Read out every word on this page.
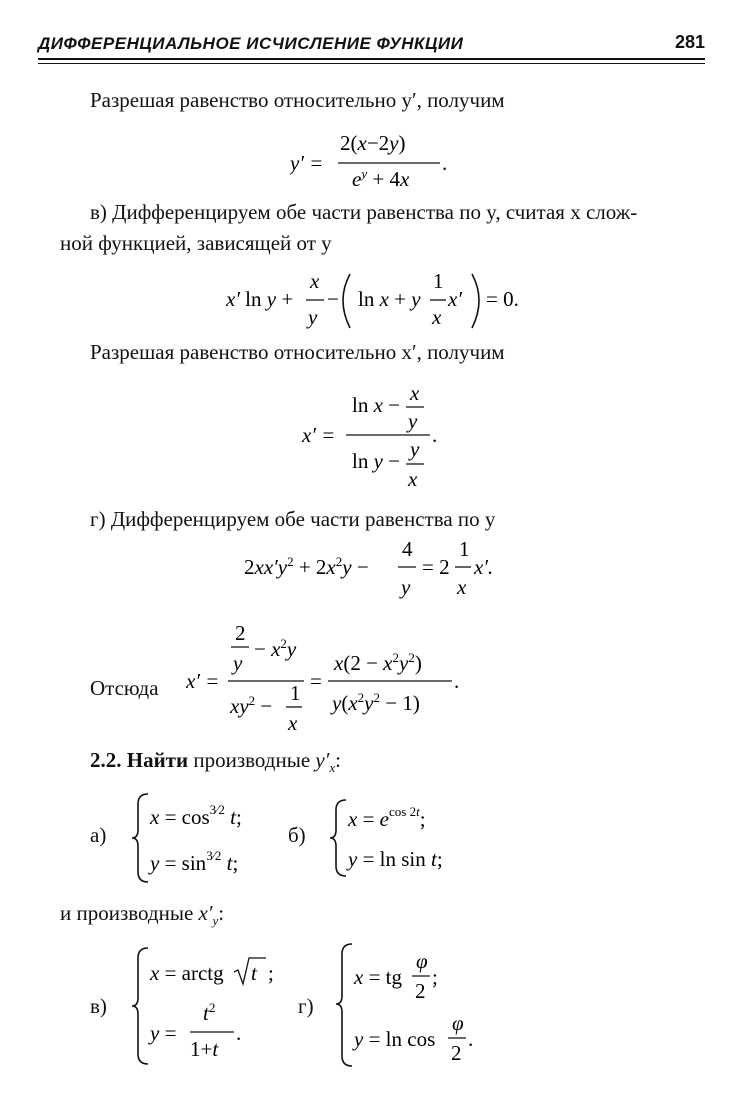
ДИФФЕРЕНЦИАЛЬНОЕ ИСЧИСЛЕНИЕ ФУНКЦИИ	281
Разрешая равенство относительно y′, получим
y′ =
2(x−2y)
$e^y + 4x$
.
в) Дифференцируем обе части равенства по y, считая x слож-
ной функцией, зависящей от y
x′ ln y +
x
y
− ln x + y
1
x
x′ = 0.
Разрешая равенство относительно x′, получим
ln x − x
y
x′ =
ln y − y
x
.
г) Дифференцируем обе части равенства по y
$2xx'y^2 + 2x^2y$ −
4
y
= 2
1
x
x′.
Отсюда
2
y
− $x^2y$
x′ =
$xy^2$ −
1
x
=
$x(2 - x^2y^2)$
$y(x^2y^2 - 1)$
.
2.2. Найти производные $y'_x$:
а)
$x = \cos^{3⁄2} t$;
$y = \sin^{3⁄2} t$;
б)
$x = e^{cos 2t}$;
y = ln sin t;
и производные $x'_y$:
в)
x = arctg t ;
y =
$t^2$
1+t
.
г)
x = tg
φ
2
;
y = ln cos
φ
2
.
